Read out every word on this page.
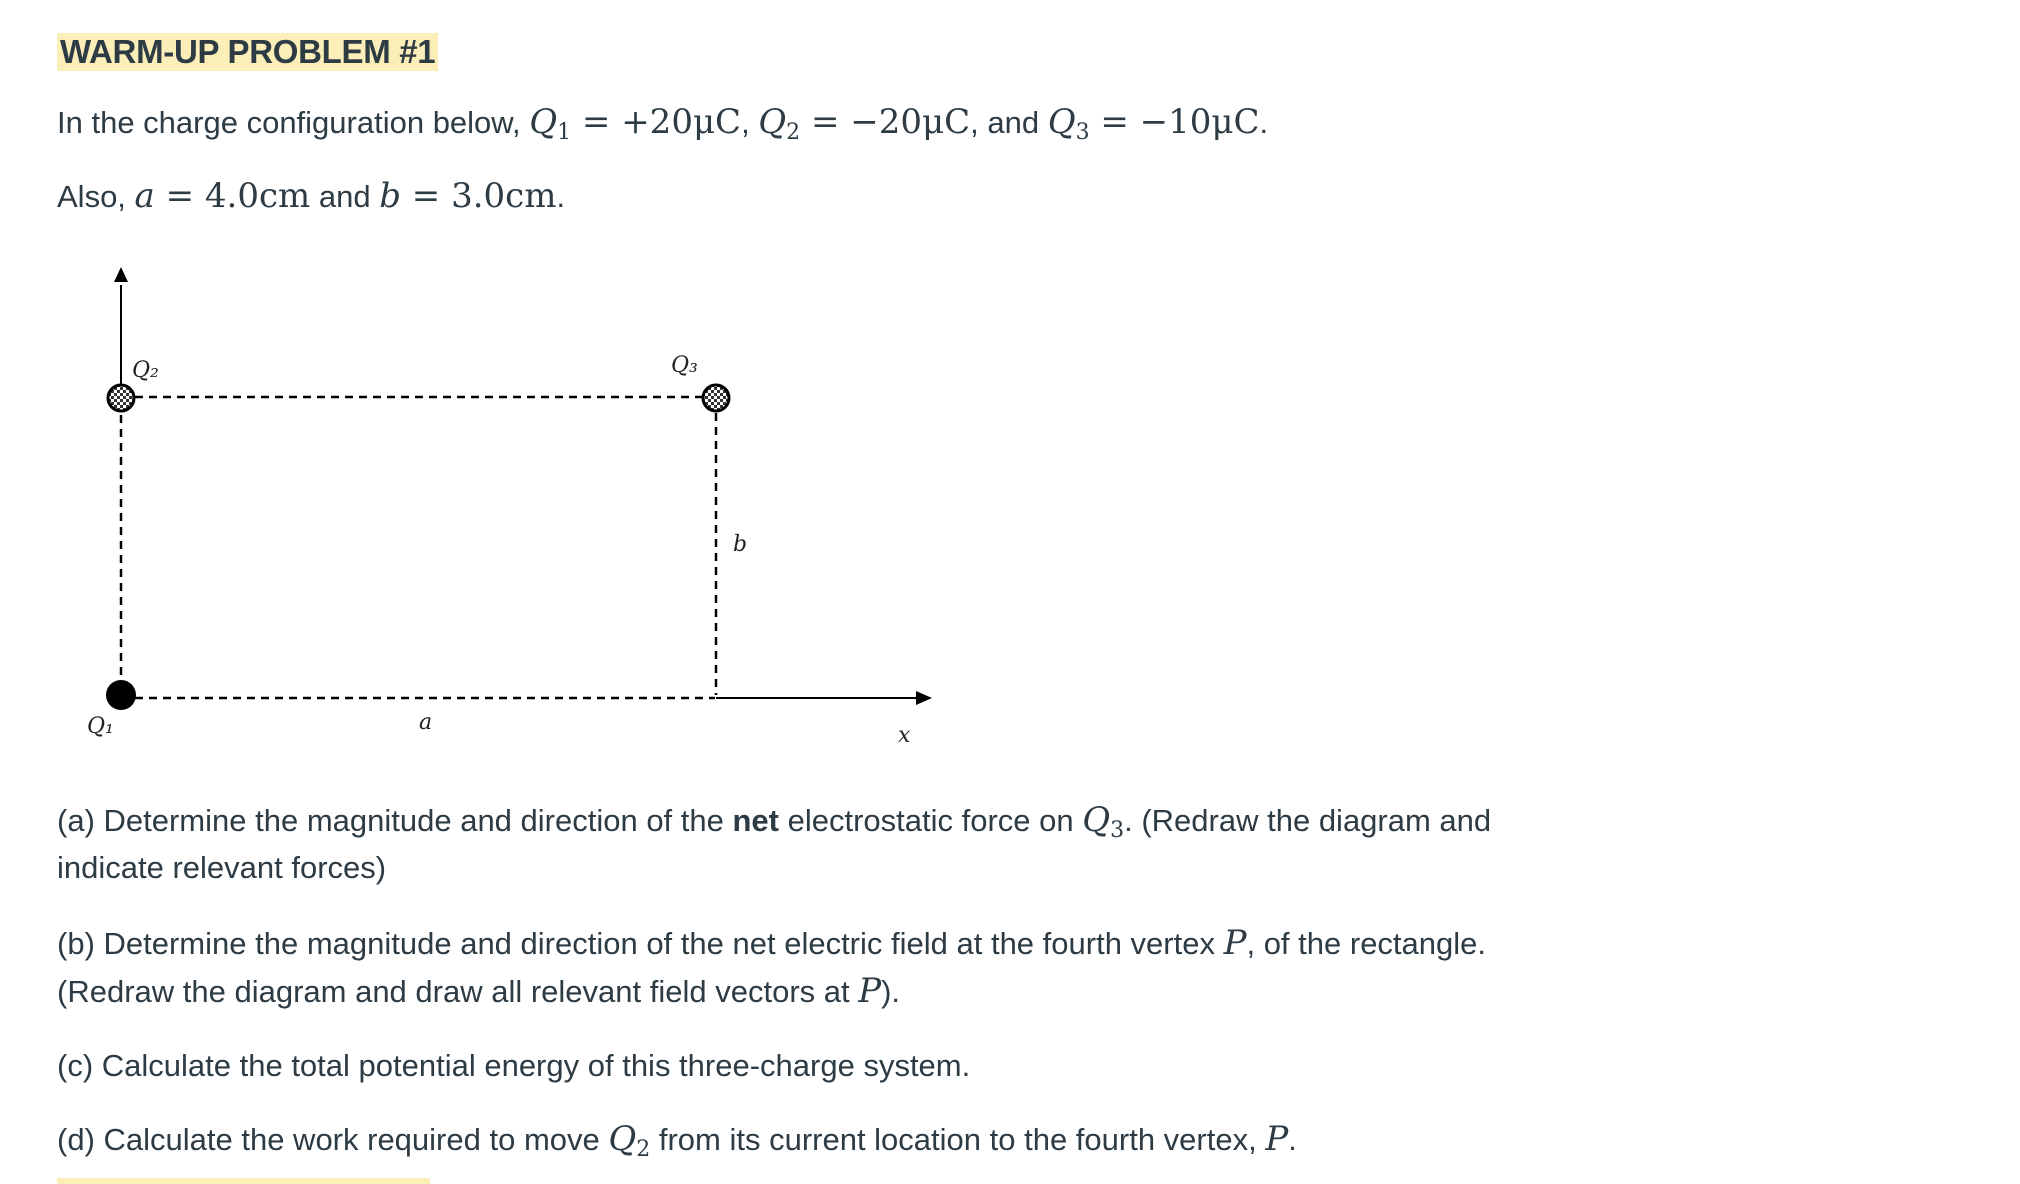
WARM-UP PROBLEM #1
In the charge configuration below, $Q_1 = +20\mu C$, $Q_2 = -20\mu C$, and $Q_3 = -10\mu C$.
Also, a = 4.0cm and b = 3.0cm.
Q₂	Q₃
Q₁	a
b
x
(a) Determine the magnitude and direction of the net electrostatic force on $Q_3$. (Redraw the diagram and
indicate relevant forces)
(b) Determine the magnitude and direction of the net electric field at the fourth vertex P, of the rectangle.
(Redraw the diagram and draw all relevant field vectors at P).
(c) Calculate the total potential energy of this three-charge system.
(d) Calculate the work required to move $Q_2$ from its current location to the fourth vertex, P.
